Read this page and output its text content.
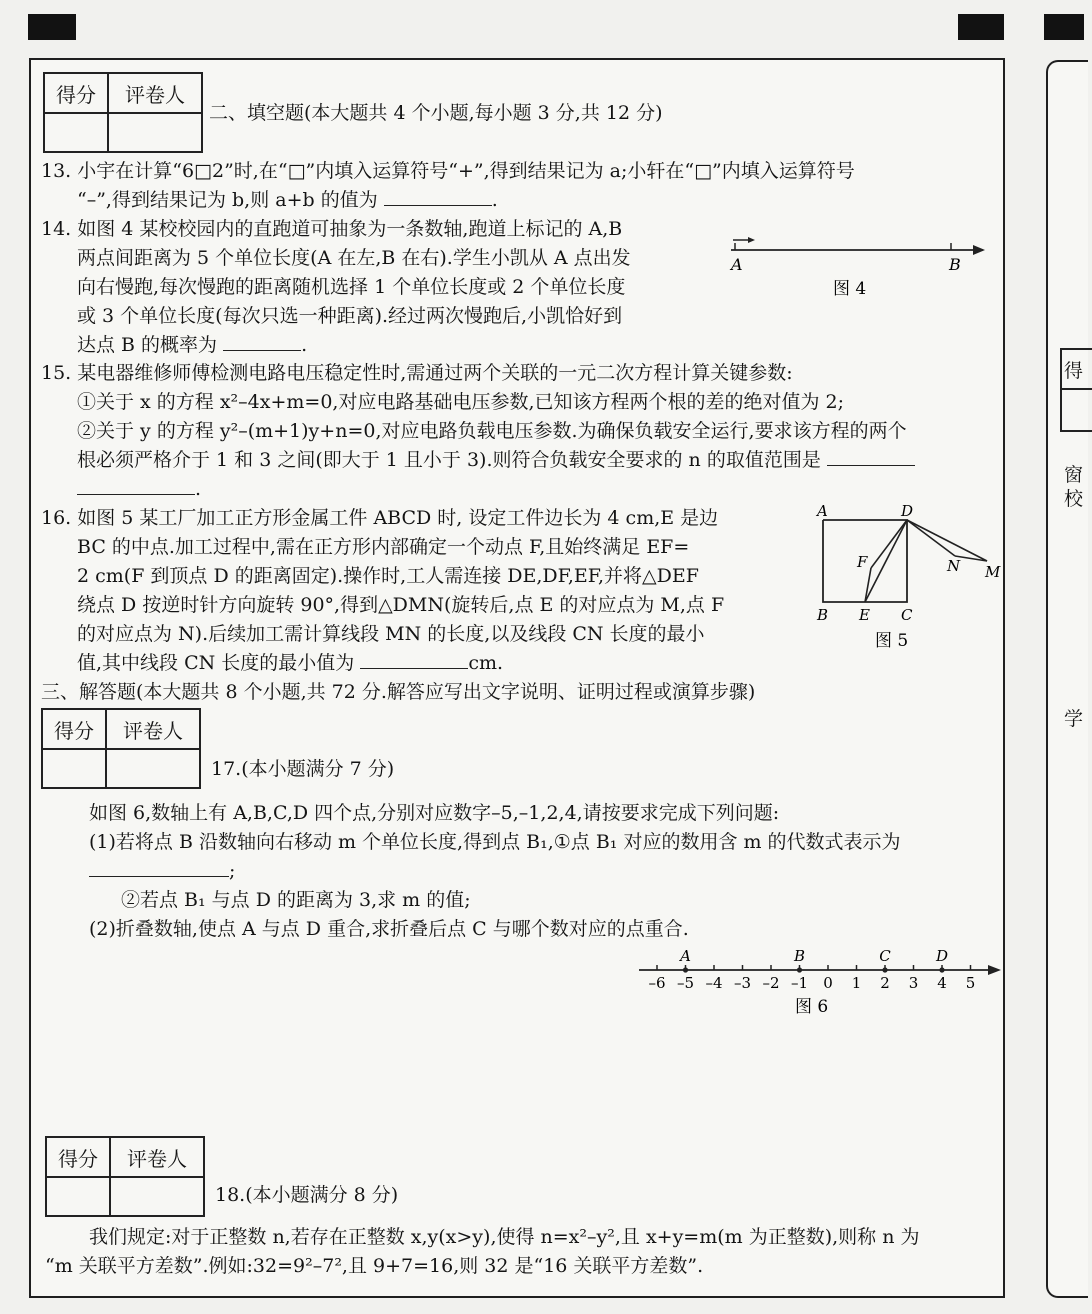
得
窗
校
学
得分	评卷人

二、填空题(本大题共 4 个小题,每小题 3 分,共 12 分)
13. 小宇在计算“6□2”时,在“□”内填入运算符号“+”,得到结果记为 a;小轩在“□”内填入运算符号
“–”,得到结果记为 b,则 a+b 的值为	.
14. 如图 4 某校校园内的直跑道可抽象为一条数轴,跑道上标记的 A,B
两点间距离为 5 个单位长度(A 在左,B 在右).学生小凯从 A 点出发
向右慢跑,每次慢跑的距离随机选择 1 个单位长度或 2 个单位长度
或 3 个单位长度(每次只选一种距离).经过两次慢跑后,小凯恰好到
达点 B 的概率为	.
A	B
图 4
15. 某电器维修师傅检测电路电压稳定性时,需通过两个关联的一元二次方程计算关键参数:
①关于 x 的方程 x²–4x+m=0,对应电路基础电压参数,已知该方程两个根的差的绝对值为 2;
②关于 y 的方程 y²–(m+1)y+n=0,对应电路负载电压参数.为确保负载安全运行,要求该方程的两个
根必须严格介于 1 和 3 之间(即大于 1 且小于 3).则符合负载安全要求的 n 的取值范围是
.
16. 如图 5 某工厂加工正方形金属工件 ABCD 时, 设定工件边长为 4 cm,E 是边
BC 的中点.加工过程中,需在正方形内部确定一个动点 F,且始终满足 EF=
2 cm(F 到顶点 D 的距离固定).操作时,工人需连接 DE,DF,EF,并将△DEF
绕点 D 按逆时针方向旋转 90°,得到△DMN(旋转后,点 E 的对应点为 M,点 F
的对应点为 N).后续加工需计算线段 MN 的长度,以及线段 CN 长度的最小
值,其中线段 CN 长度的最小值为	cm.
A	D
F	N M
B E C
图 5
三、解答题(本大题共 8 个小题,共 72 分.解答应写出文字说明、证明过程或演算步骤)
得分	评卷人

17.(本小题满分 7 分)
如图 6,数轴上有 A,B,C,D 四个点,分别对应数字–5,–1,2,4,请按要求完成下列问题:
(1)若将点 B 沿数轴向右移动 m 个单位长度,得到点 B₁,①点 B₁ 对应的数用含 m 的代数式表示为
;
②若点 B₁ 与点 D 的距离为 3,求 m 的值;
(2)折叠数轴,使点 A 与点 D 重合,求折叠后点 C 与哪个数对应的点重合.
–6 –5 –4 –3 –2 –1 0 1 2 3 4 5
A	B	C	D
图 6
得分	评卷人

18.(本小题满分 8 分)
我们规定:对于正整数 n,若存在正整数 x,y(x>y),使得 n=x²–y²,且 x+y=m(m 为正整数),则称 n 为
“m 关联平方差数”.例如:32=9²–7²,且 9+7=16,则 32 是“16 关联平方差数”.
